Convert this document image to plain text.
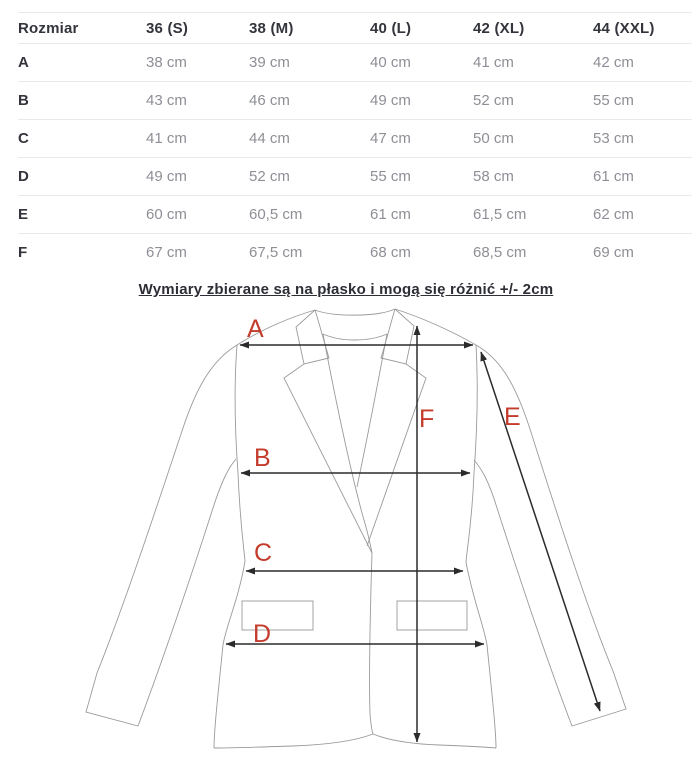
Rozmiar	36 (S)	38 (M)	40 (L)	42 (XL)	44 (XXL)
A	38 cm	39 cm	40 cm	41 cm	42 cm
B	43 cm	46 cm	49 cm	52 cm	55 cm
C	41 cm	44 cm	47 cm	50 cm	53 cm
D	49 cm	52 cm	55 cm	58 cm	61 cm
E	60 cm	60,5 cm	61 cm	61,5 cm	62 cm
F	67 cm	67,5 cm	68 cm	68,5 cm	69 cm
Wymiary zbierane są na płasko i mogą się różnić +/- 2cm
A
B
C
D
E
F
